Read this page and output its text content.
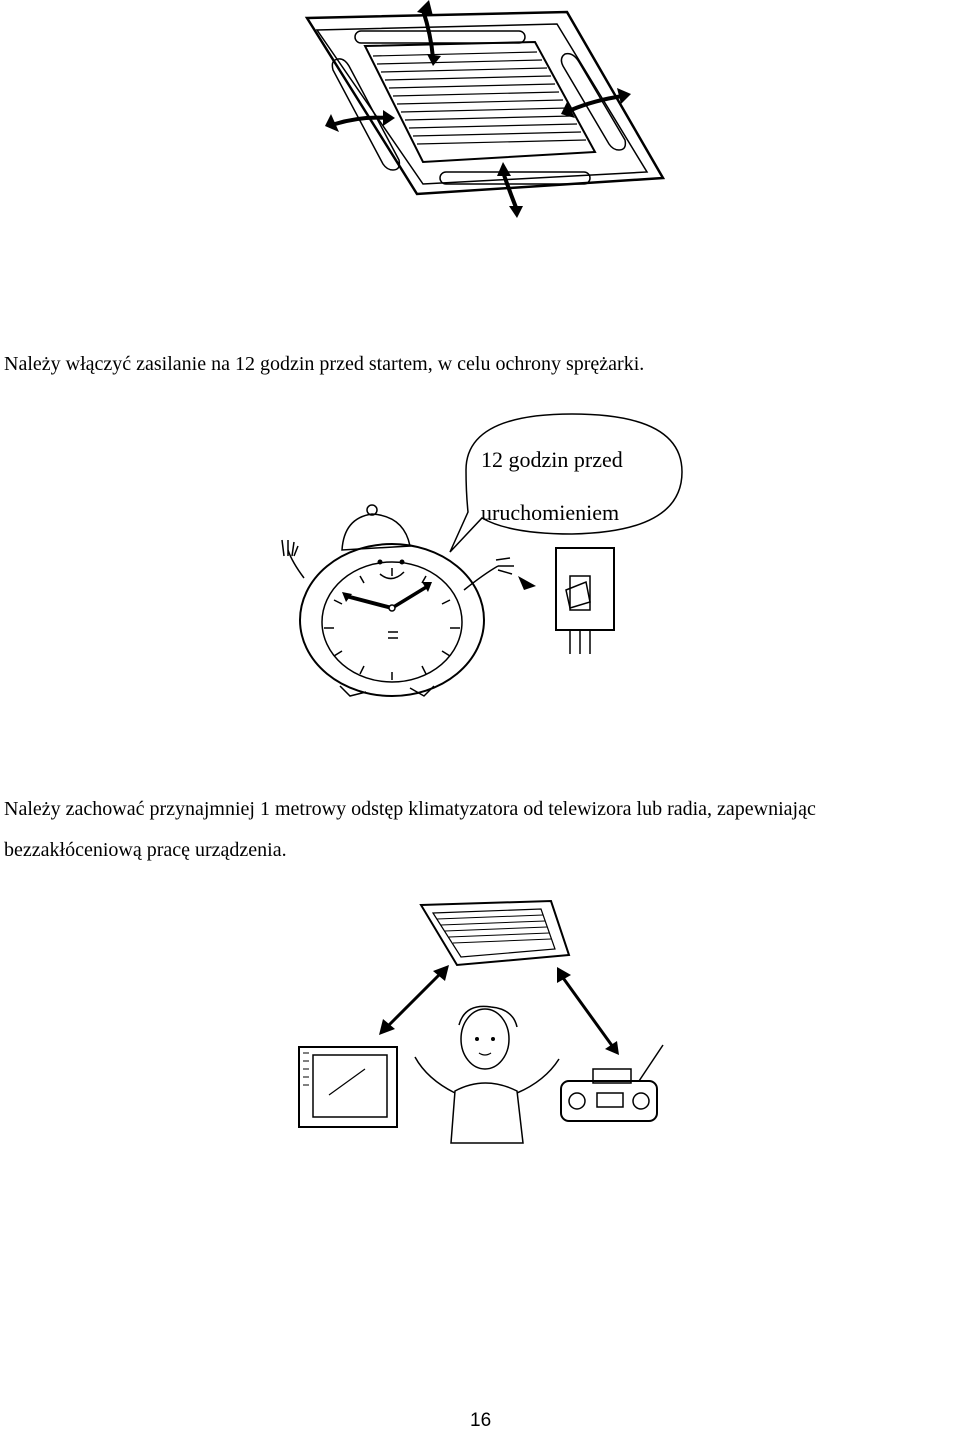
Należy włączyć zasilanie na 12 godzin przed startem, w celu ochrony sprężarki.
12 godzin przed
uruchomieniem
Należy zachować przynajmniej 1 metrowy odstęp klimatyzatora od telewizora lub radia, zapewniając
bezzakłóceniową pracę urządzenia.
16
